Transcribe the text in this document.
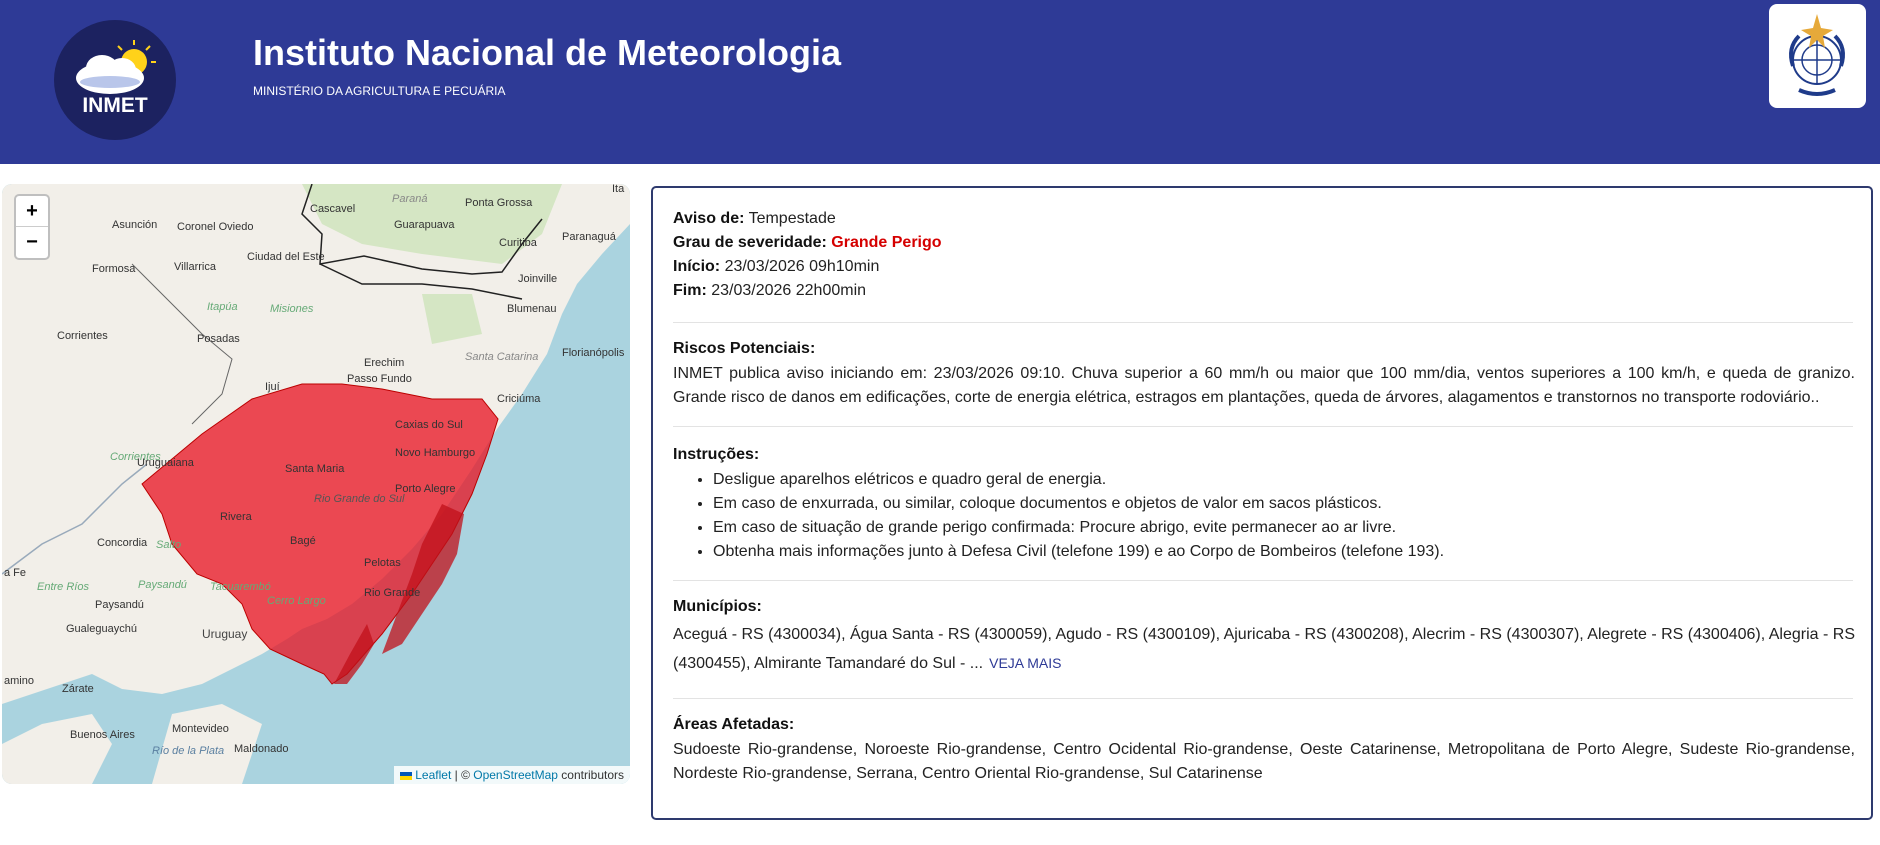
INMET
Instituto Nacional de Meteorologia
MINISTÉRIO DA AGRICULTURA E PECUÁRIA
Asunción Coronel Oviedo
Ciudad del Este
Formosa	Villarrica
Corrientes	Posadas
Itapúa	Misiones
Cascavel
Paraná	Ponta Grossa
Guarapuava
Curitiba Paranaguá
Joinville
Blumenau
Florianópolis
Santa Catarina
Criciúma
Erechim
Passo Fundo
Ijuí
Caxias do Sul
Novo Hamburgo
Corrientes
Uruguaiana	Santa Maria
Rio Grande do Sul
Porto Alegre
Rivera
Bagé
Pelotas
Rio Grande
Concordia Salto
Entre Ríos	Paysandú Tacuarembó
Cerro Largo
Paysandú
Gualeguaychú	Uruguay
Zárate
Buenos Aires	Montevideo
Maldonado
Río de la Plata
a Fe
amino
Ita
+
−
Leaflet | © OpenStreetMap contributors
Aviso de: Tempestade
Grau de severidade: Grande Perigo
Início: 23/03/2026 09h10min
Fim: 23/03/2026 22h00min
Riscos Potenciais:
INMET publica aviso iniciando em: 23/03/2026 09:10. Chuva superior a 60 mm/h ou maior que 100 mm/dia, ventos superiores a 100 km/h, e queda de granizo. Grande risco de danos em edificações, corte de energia elétrica, estragos em plantações, queda de árvores, alagamentos e transtornos no transporte rodoviário..
Instruções:
• Desligue aparelhos elétricos e quadro geral de energia.
• Em caso de enxurrada, ou similar, coloque documentos e objetos de valor em sacos plásticos.
• Em caso de situação de grande perigo confirmada: Procure abrigo, evite permanecer ao ar livre.
• Obtenha mais informações junto à Defesa Civil (telefone 199) e ao Corpo de Bombeiros (telefone 193).
Municípios:
Aceguá - RS (4300034), Água Santa - RS (4300059), Agudo - RS (4300109), Ajuricaba - RS (4300208), Alecrim - RS (4300307), Alegrete - RS (4300406), Alegria - RS (4300455), Almirante Tamandaré do Sul - ... VEJA MAIS
Áreas Afetadas:
Sudoeste Rio-grandense, Noroeste Rio-grandense, Centro Ocidental Rio-grandense, Oeste Catarinense, Metropolitana de Porto Alegre, Sudeste Rio-grandense, Nordeste Rio-grandense, Serrana, Centro Oriental Rio-grandense, Sul Catarinense
